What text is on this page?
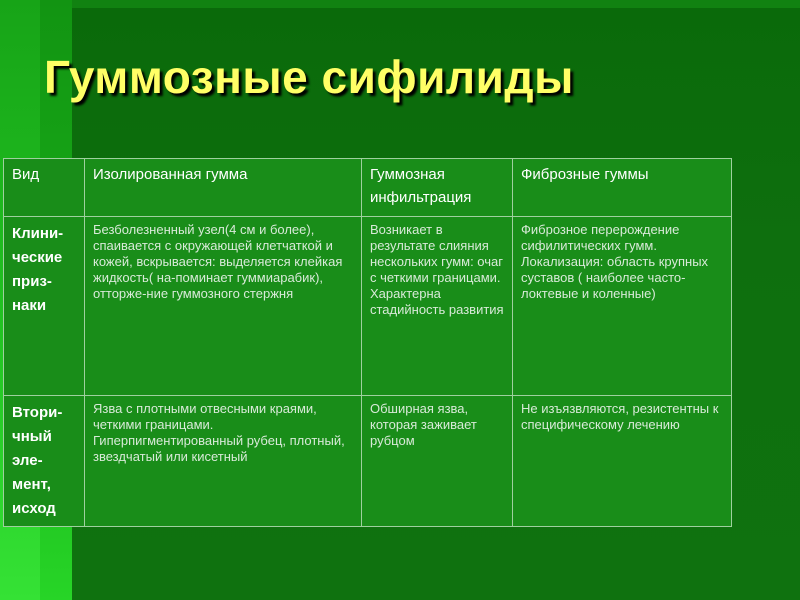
Гуммозные сифилиды
Вид	Изолированная гумма	Гуммозная инфильтрация	Фиброзные гуммы
Клини-ческие приз-наки	Безболезненный узел(4 см и более), спаивается с окружающей клетчаткой и кожей, вскрывается: выделяется клейкая жидкость( на-поминает гуммиарабик), отторже-ние гуммозного стержня	Возникает в результате слияния нескольких гумм: очаг с четкими границами. Характерна стадийность развития	Фиброзное перерождение сифилитических гумм. Локализация: область крупных суставов ( наиболее часто-локтевые и коленные)
Втори-чный эле-мент, исход	Язва с плотными отвесными краями, четкими границами. Гиперпигментированный рубец, плотный, звездчатый или кисетный	Обширная язва, которая заживает рубцом	Не изъязвляются, резистентны к специфическому лечению
